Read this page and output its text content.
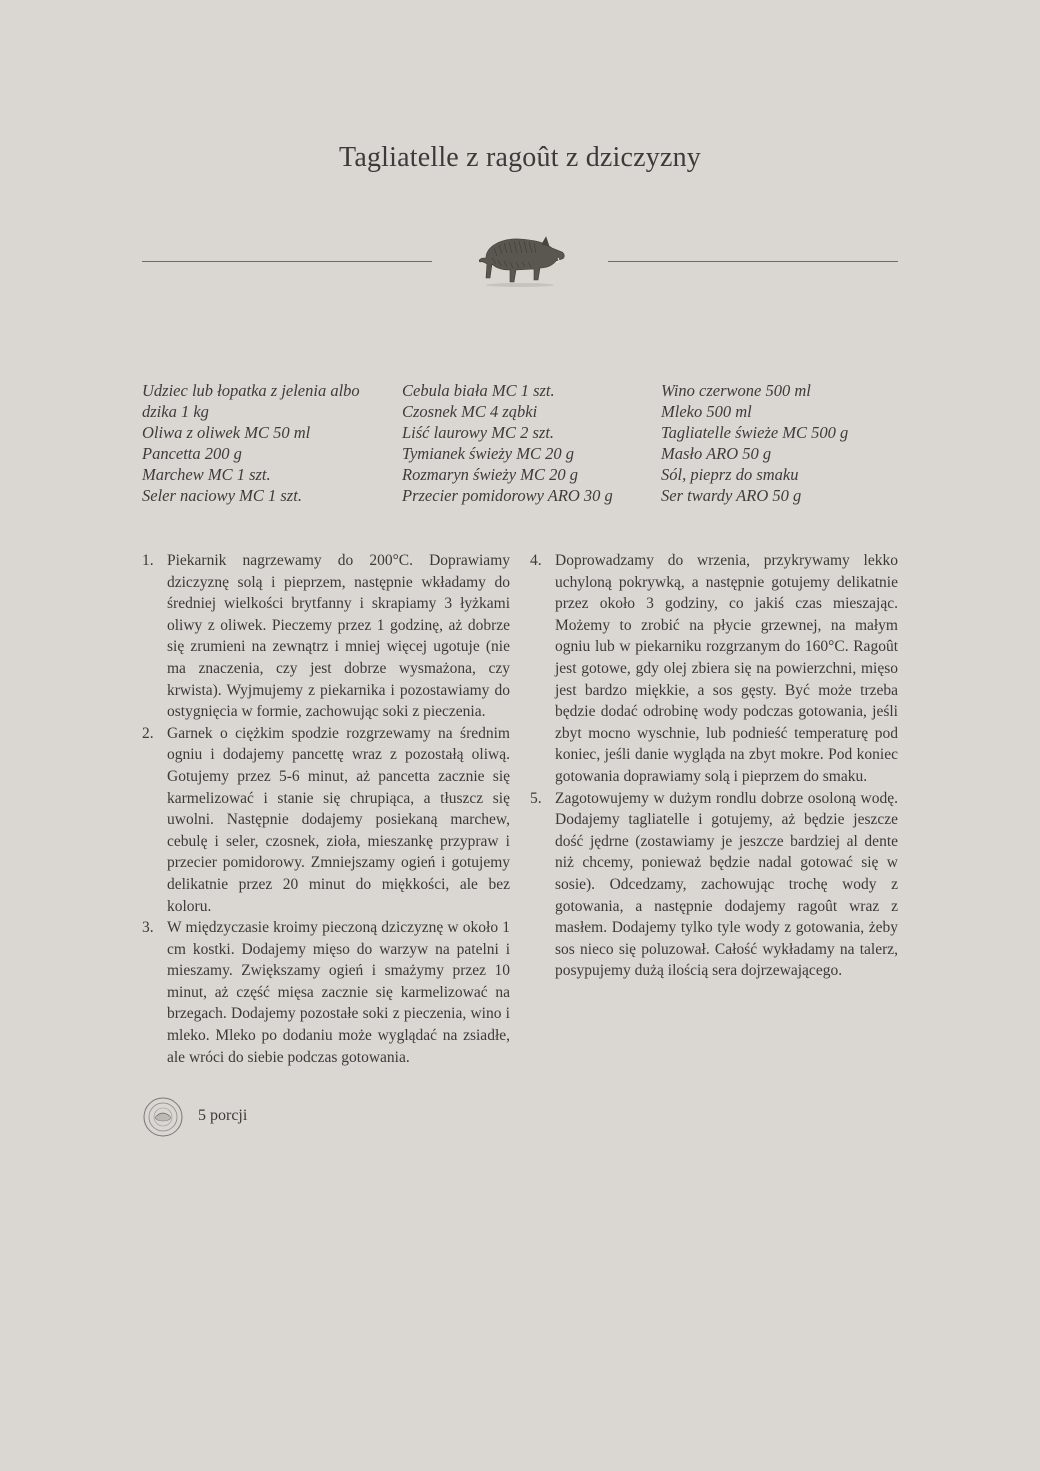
Tagliatelle z ragoût z dziczyzny
Udziec lub łopatka z jelenia albo dzika 1 kg
Oliwa z oliwek MC 50 ml
Pancetta 200 g
Marchew MC 1 szt.
Seler naciowy MC 1 szt.
Cebula biała MC 1 szt.
Czosnek MC 4 ząbki
Liść laurowy MC 2 szt.
Tymianek świeży MC 20 g
Rozmaryn świeży MC 20 g
Przecier pomidorowy ARO 30 g
Wino czerwone 500 ml
Mleko 500 ml
Tagliatelle świeże MC 500 g
Masło ARO 50 g
Sól, pieprz do smaku
Ser twardy ARO 50 g
1. Piekarnik nagrzewamy do 200°C. Doprawiamy dziczyznę solą i pieprzem, następnie wkładamy do średniej wielkości brytfanny i skrapiamy 3 łyżkami oliwy z oliwek. Pieczemy przez 1 godzinę, aż dobrze się zrumieni na zewnątrz i mniej więcej ugotuje (nie ma znaczenia, czy jest dobrze wysmażona, czy krwista). Wyjmujemy z piekarnika i pozostawiamy do ostygnięcia w formie, zachowując soki z pieczenia.
2. Garnek o ciężkim spodzie rozgrzewamy na średnim ogniu i dodajemy pancettę wraz z pozostałą oliwą. Gotujemy przez 5-6 minut, aż pancetta zacznie się karmelizować i stanie się chrupiąca, a tłuszcz się uwolni. Następnie dodajemy posiekaną marchew, cebulę i seler, czosnek, zioła, mieszankę przypraw i przecier pomidorowy. Zmniejszamy ogień i gotujemy delikatnie przez 20 minut do miękkości, ale bez koloru.
3. W międzyczasie kroimy pieczoną dziczyznę w około 1 cm kostki. Dodajemy mięso do warzyw na patelni i mieszamy. Zwiększamy ogień i smażymy przez 10 minut, aż część mięsa zacznie się karmelizować na brzegach. Dodajemy pozostałe soki z pieczenia, wino i mleko. Mleko po dodaniu może wyglądać na zsiadłe, ale wróci do siebie podczas gotowania.
4. Doprowadzamy do wrzenia, przykrywamy lekko uchyloną pokrywką, a następnie gotujemy delikatnie przez około 3 godziny, co jakiś czas mieszając. Możemy to zrobić na płycie grzewnej, na małym ogniu lub w piekarniku rozgrzanym do 160°C. Ragoût jest gotowe, gdy olej zbiera się na powierzchni, mięso jest bardzo miękkie, a sos gęsty. Być może trzeba będzie dodać odrobinę wody podczas gotowania, jeśli zbyt mocno wyschnie, lub podnieść temperaturę pod koniec, jeśli danie wygląda na zbyt mokre. Pod koniec gotowania doprawiamy solą i pieprzem do smaku.
5. Zagotowujemy w dużym rondlu dobrze osoloną wodę. Dodajemy tagliatelle i gotujemy, aż będzie jeszcze dość jędrne (zostawiamy je jeszcze bardziej al dente niż chcemy, ponieważ będzie nadal gotować się w sosie). Odcedzamy, zachowując trochę wody z gotowania, a następnie dodajemy ragoût wraz z masłem. Dodajemy tylko tyle wody z gotowania, żeby sos nieco się poluzował. Całość wykładamy na talerz, posypujemy dużą ilością sera dojrzewającego.
5 porcji
